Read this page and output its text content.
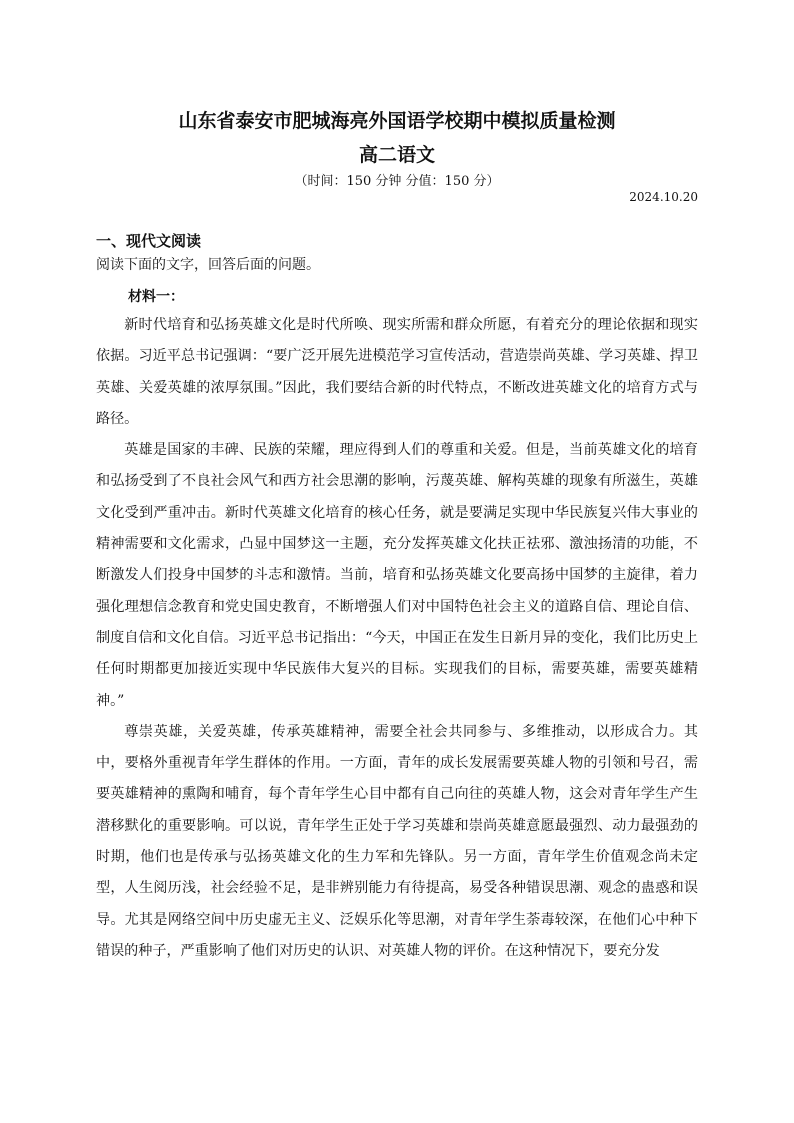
山东省泰安市肥城海亮外国语学校期中模拟质量检测
高二语文
（时间：150 分钟 分值：150 分）
2024.10.20
一、现代文阅读
阅读下面的文字，回答后面的问题。
材料一：

新时代培育和弘扬英雄文化是时代所唤、现实所需和群众所愿，有着充分的理论依据和现实依据。习近平总书记强调：“要广泛开展先进模范学习宣传活动，营造崇尚英雄、学习英雄、捍卫英雄、关爱英雄的浓厚氛围。”因此，我们要结合新的时代特点，不断改进英雄文化的培育方式与路径。

英雄是国家的丰碑、民族的荣耀，理应得到人们的尊重和关爱。但是，当前英雄文化的培育和弘扬受到了不良社会风气和西方社会思潮的影响，污蔑英雄、解构英雄的现象有所滋生，英雄文化受到严重冲击。新时代英雄文化培育的核心任务，就是要满足实现中华民族复兴伟大事业的精神需要和文化需求，凸显中国梦这一主题，充分发挥英雄文化扶正祛邪、激浊扬清的功能，不断激发人们投身中国梦的斗志和激情。当前，培育和弘扬英雄文化要高扬中国梦的主旋律，着力强化理想信念教育和党史国史教育，不断增强人们对中国特色社会主义的道路自信、理论自信、制度自信和文化自信。习近平总书记指出：“今天，中国正在发生日新月异的变化，我们比历史上任何时期都更加接近实现中华民族伟大复兴的目标。实现我们的目标，需要英雄，需要英雄精神。”

尊崇英雄，关爱英雄，传承英雄精神，需要全社会共同参与、多维推动，以形成合力。其中，要格外重视青年学生群体的作用。一方面，青年的成长发展需要英雄人物的引领和号召，需要英雄精神的熏陶和哺育，每个青年学生心目中都有自己向往的英雄人物，这会对青年学生产生潜移默化的重要影响。可以说，青年学生正处于学习英雄和崇尚英雄意愿最强烈、动力最强劲的时期，他们也是传承与弘扬英雄文化的生力军和先锋队。另一方面，青年学生价值观念尚未定型，人生阅历浅，社会经验不足，是非辨别能力有待提高，易受各种错误思潮、观念的蛊惑和误导。尤其是网络空间中历史虚无主义、泛娱乐化等思潮，对青年学生荼毒较深，在他们心中种下错误的种子，严重影响了他们对历史的认识、对英雄人物的评价。在这种情况下，要充分发
